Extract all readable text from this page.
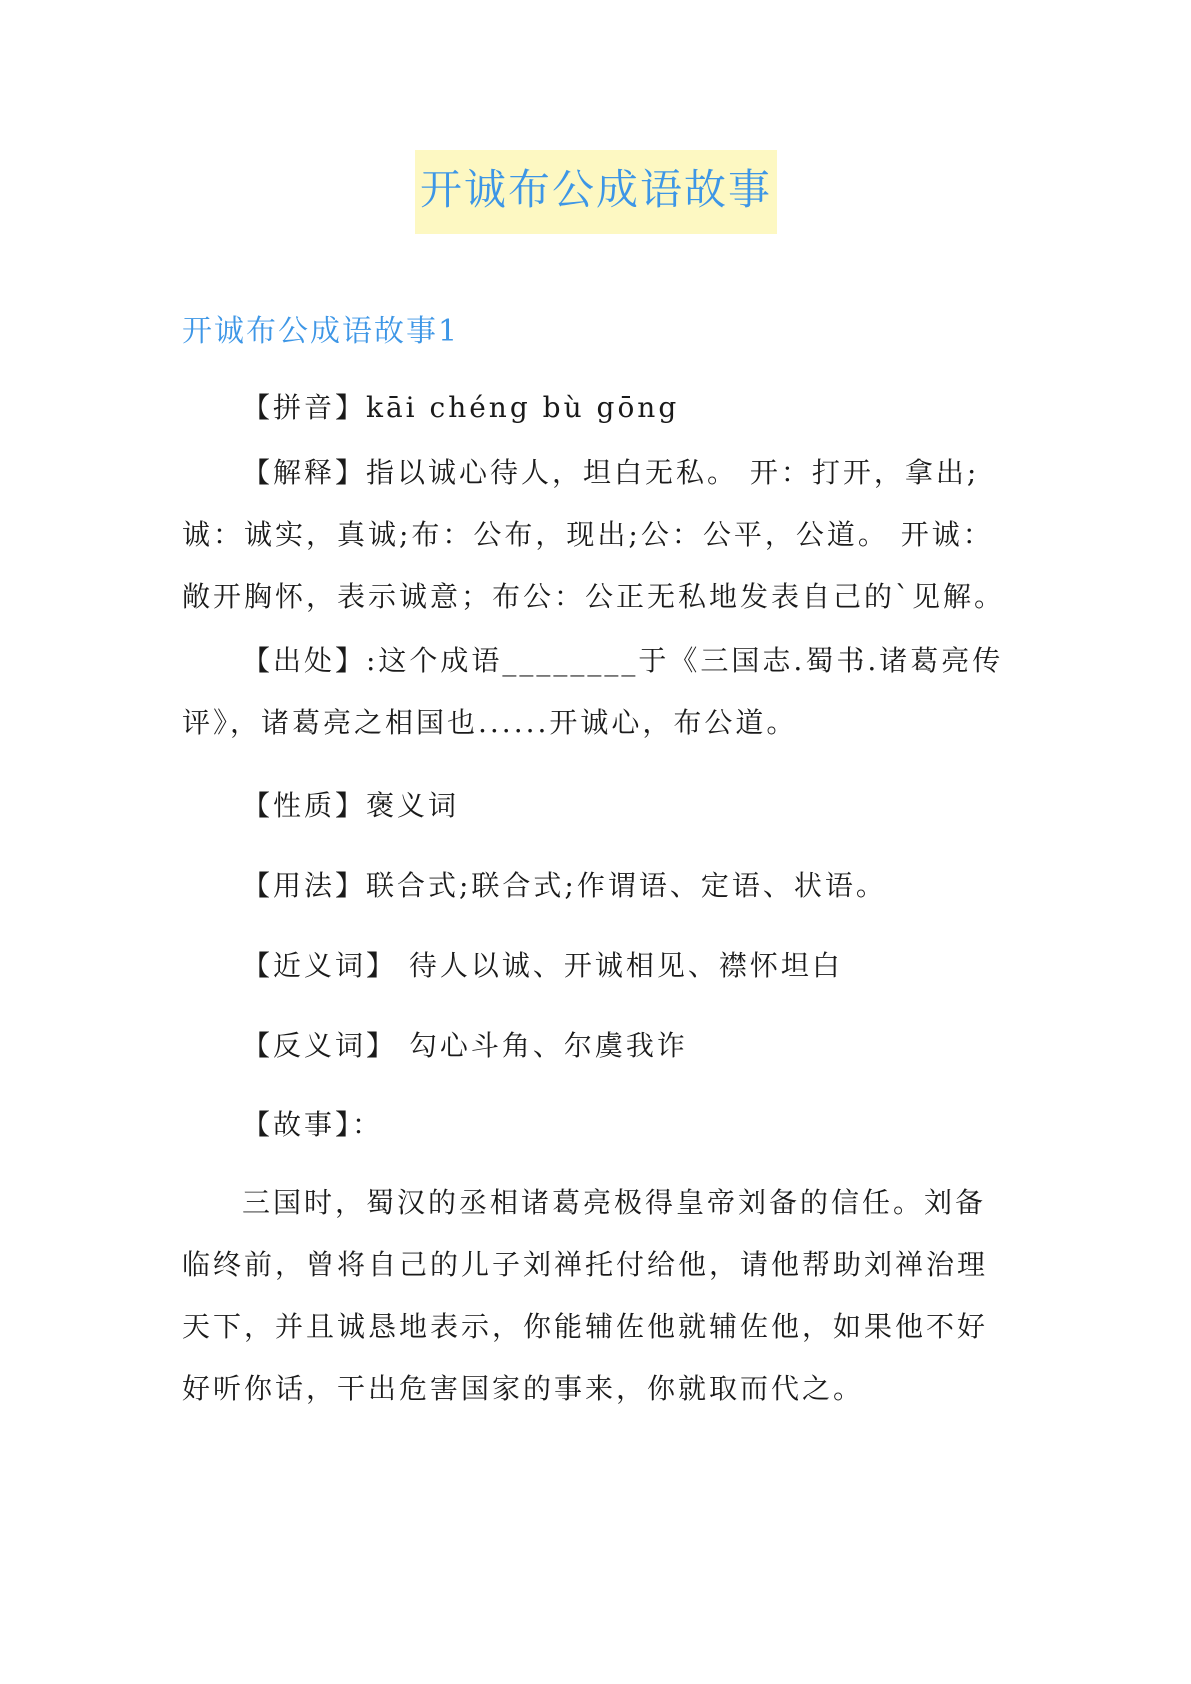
开诚布公成语故事
开诚布公成语故事1
【拼音】kāi chéng bù gōng
【解释】指以诚心待人，坦白无私。 开：打开，拿出;诚：诚实，真诚;布：公布，现出;公：公平，公道。 开诚：敞开胸怀，表示诚意；布公：公正无私地发表自己的`见解。
【出处】:这个成语________于《三国志.蜀书.诸葛亮传评》，诸葛亮之相国也......开诚心，布公道。
【性质】褒义词
【用法】联合式;联合式;作谓语、定语、状语。
【近义词】 待人以诚、开诚相见、襟怀坦白
【反义词】 勾心斗角、尔虞我诈
【故事】：
三国时，蜀汉的丞相诸葛亮极得皇帝刘备的信任。刘备临终前，曾将自己的儿子刘禅托付给他，请他帮助刘禅治理天下，并且诚恳地表示，你能辅佐他就辅佐他，如果他不好好听你话，干出危害国家的事来，你就取而代之。
